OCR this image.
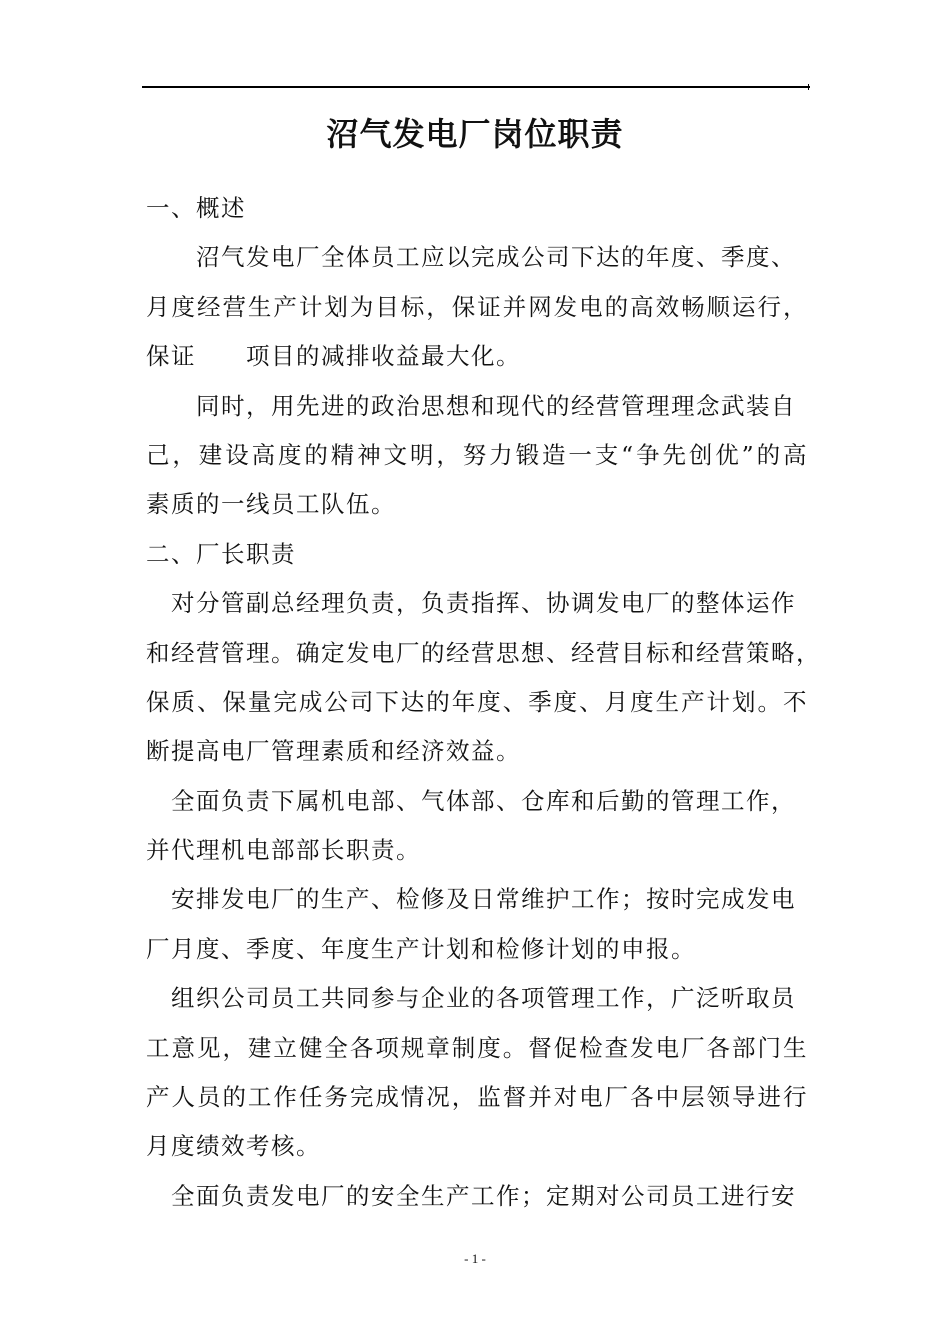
沼气发电厂岗位职责
一、概述
沼气发电厂全体员工应以完成公司下达的年度、季度、
月度经营生产计划为目标，保证并网发电的高效畅顺运行，
保证 项目的减排收益最大化。
同时，用先进的政治思想和现代的经营管理理念武装自
己，建设高度的精神文明，努力锻造一支“争先创优”的高
素质的一线员工队伍。
二、厂长职责
对分管副总经理负责，负责指挥、协调发电厂的整体运作
和经营管理。确定发电厂的经营思想、经营目标和经营策略，
保质、保量完成公司下达的年度、季度、月度生产计划。不
断提高电厂管理素质和经济效益。
全面负责下属机电部、气体部、仓库和后勤的管理工作，
并代理机电部部长职责。
安排发电厂的生产、检修及日常维护工作；按时完成发电
厂月度、季度、年度生产计划和检修计划的申报。
组织公司员工共同参与企业的各项管理工作，广泛听取员
工意见，建立健全各项规章制度。督促检查发电厂各部门生
产人员的工作任务完成情况，监督并对电厂各中层领导进行
月度绩效考核。
全面负责发电厂的安全生产工作；定期对公司员工进行安
- 1 -
